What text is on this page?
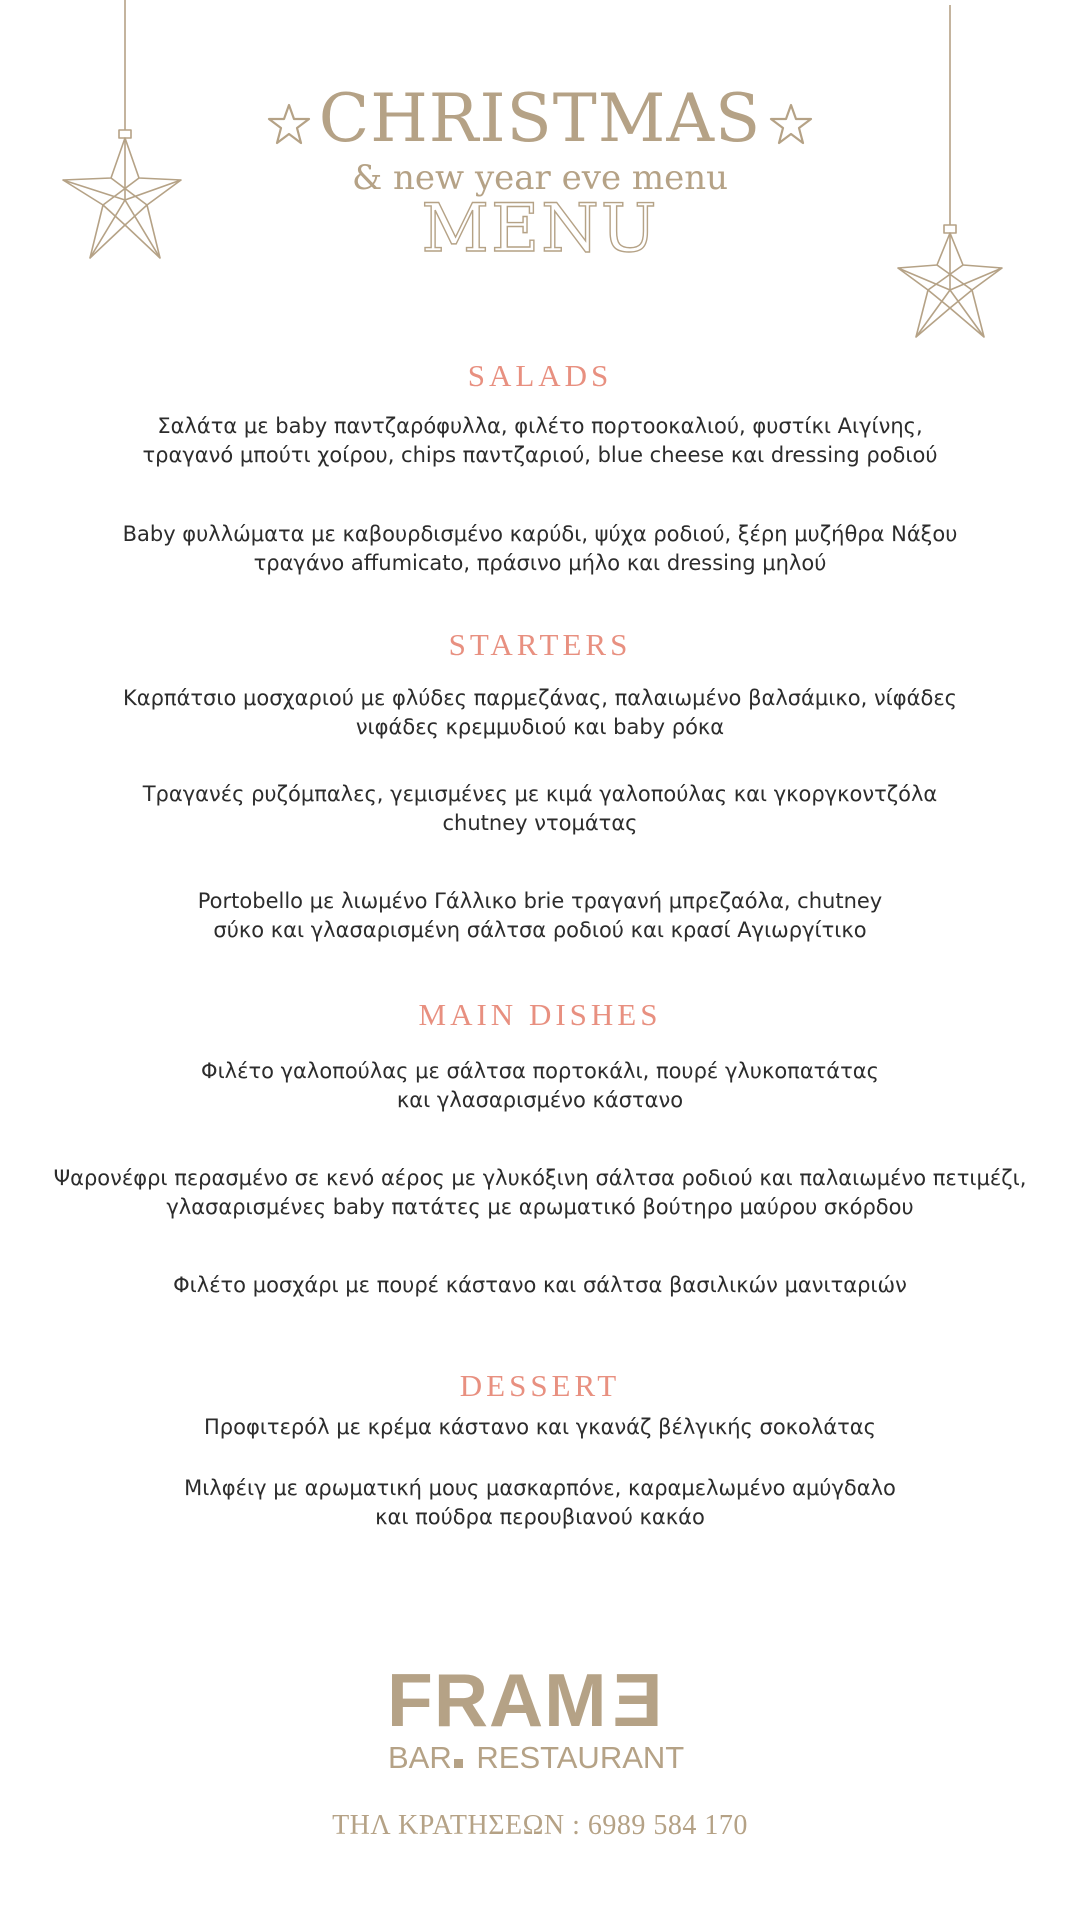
CHRISTMAS
& new year eve menu
MENU
SALADS
Σαλάτα με baby παντζαρόφυλλα, φιλέτο πορτοοκαλιού, φυστίκι Αιγίνης,
τραγανό μπούτι χοίρου, chips παντζαριού, blue cheese και dressing ροδιού
Baby φυλλώματα με καβουρδισμένο καρύδι, ψύχα ροδιού, ξέρη μυζήθρα Νάξου
τραγάνο affumicato, πράσινο μήλο και dressing μηλού
STARTERS
Καρπάτσιο μοσχαριού με φλύδες παρμεζάνας, παλαιωμένο βαλσάμικο, νίφάδες
νιφάδες κρεμμυδιού και baby ρόκα
Τραγανές ρυζόμπαλες, γεμισμένες με κιμά γαλοπούλας και γκοργκοντζόλα
chutney ντομάτας
Portobello με λιωμένο Γάλλικο brie τραγανή μπρεζαόλα, chutney
σύκο και γλασαρισμένη σάλτσα ροδιού και κρασί Αγιωργίτικο
MAIN DISHES
Φιλέτο γαλοπούλας με σάλτσα πορτοκάλι, πουρέ γλυκοπατάτας
και γλασαρισμένο κάστανο
Ψαρονέφρι περασμένο σε κενό αέρος με γλυκόξινη σάλτσα ροδιού και παλαιωμένο πετιμέζι,
γλασαρισμένες baby πατάτες με αρωματικό βούτηρο μαύρου σκόρδου
Φιλέτο μοσχάρι με πουρέ κάστανο και σάλτσα βασιλικών μανιταριών
DESSERT
Προφιτερόλ με κρέμα κάστανο και γκανάζ βέλγικής σοκολάτας
Μιλφέιγ με αρωματική μους μασκαρπόνε, καραμελωμένο αμύγδαλο
και πούδρα περουβιανού κακάο
FRAME
BAR RESTAURANT
ΤΗΛ ΚΡΑΤΗΣΕΩΝ : 6989 584 170
